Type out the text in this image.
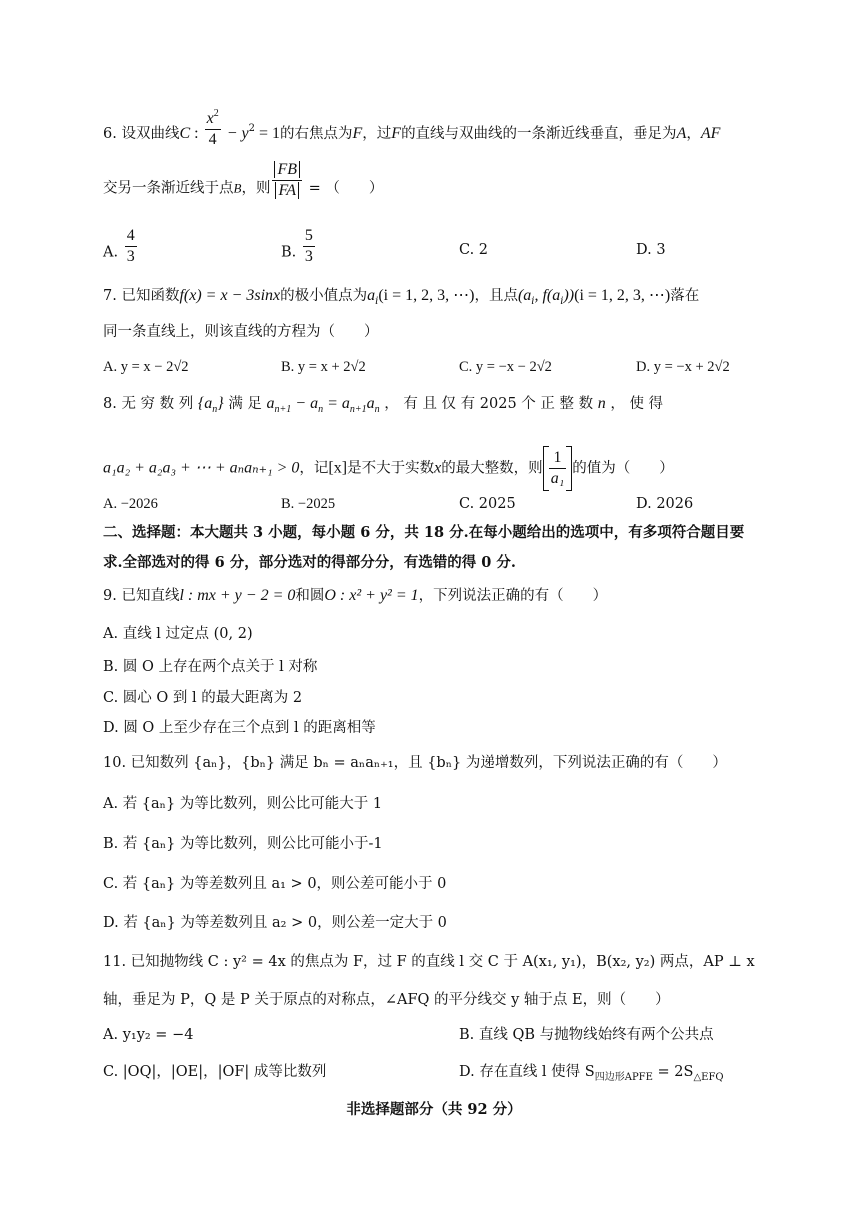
6. 设双曲线C : $\frac{x^2}{4} - y^2 = 1$的右焦点为F，过F的直线与双曲线的一条渐近线垂直，垂足为A，AF
交另一条渐近线于点B，则 $\frac{FB}{FA}$ = （　　）
A. $\frac{4}{3}$	B. $\frac{5}{3}$	C. 2	D. 3
7. 已知函数f(x) = x − 3sinx的极小值点为$a_i(i = 1$, 2, 3, ⋯)，且点($a_i$, $f(a_i))(i = 1$, 2, 3, ⋯)落在
同一条直线上，则该直线的方程为（　　）
A. y = x − 2√2	B. y = x + 2√2	C. y = −x − 2√2	D. y = −x + 2√2
8. 无 穷 数 列 $\{a_n\}$ 满 足 $a_{n+1} - a_n = a_{n+1}a_n$ ， 有 且 仅 有 2025 个 正 整 数 n ， 使 得
a₁a₂ + a₂a₃ + ⋯ + aₙaₙ₊₁ > 0，记[x]是不大于实数x的最大整数，则 $\frac{1}{\text{a₁}}$ 的值为（　　）
A. −2026	B. −2025	C. 2025	D. 2026
二、选择题：本大题共 3 小题，每小题 6 分，共 18 分.在每小题给出的选项中，有多项符合题目要
求.全部选对的得 6 分，部分选对的得部分分，有选错的得 0 分.
9. 已知直线l : mx + y − 2 = 0和圆O : x² + y² = 1，下列说法正确的有（　　）
A. 直线 l 过定点 (0, 2)
B. 圆 O 上存在两个点关于 l 对称
C. 圆心 O 到 l 的最大距离为 2
D. 圆 O 上至少存在三个点到 l 的距离相等
10. 已知数列 {aₙ}，{bₙ} 满足 bₙ = aₙaₙ₊₁，且 {bₙ} 为递增数列，下列说法正确的有（　　）
A. 若 {aₙ} 为等比数列，则公比可能大于 1
B. 若 {aₙ} 为等比数列，则公比可能小于-1
C. 若 {aₙ} 为等差数列且 a₁ > 0，则公差可能小于 0
D. 若 {aₙ} 为等差数列且 a₂ > 0，则公差一定大于 0
11. 已知抛物线 C : y² = 4x 的焦点为 F，过 F 的直线 l 交 C 于 A(x₁, y₁)，B(x₂, y₂) 两点，AP ⊥ x
轴，垂足为 P，Q 是 P 关于原点的对称点，∠AFQ 的平分线交 y 轴于点 E，则（　　）
A. y₁y₂ = −4	B. 直线 QB 与抛物线始终有两个公共点
C. |OQ|，|OE|，|OF| 成等比数列	D. 存在直线 l 使得 $S_{四边形APFE} = 2S_{\triangle EFQ}$
非选择题部分（共 92 分）
